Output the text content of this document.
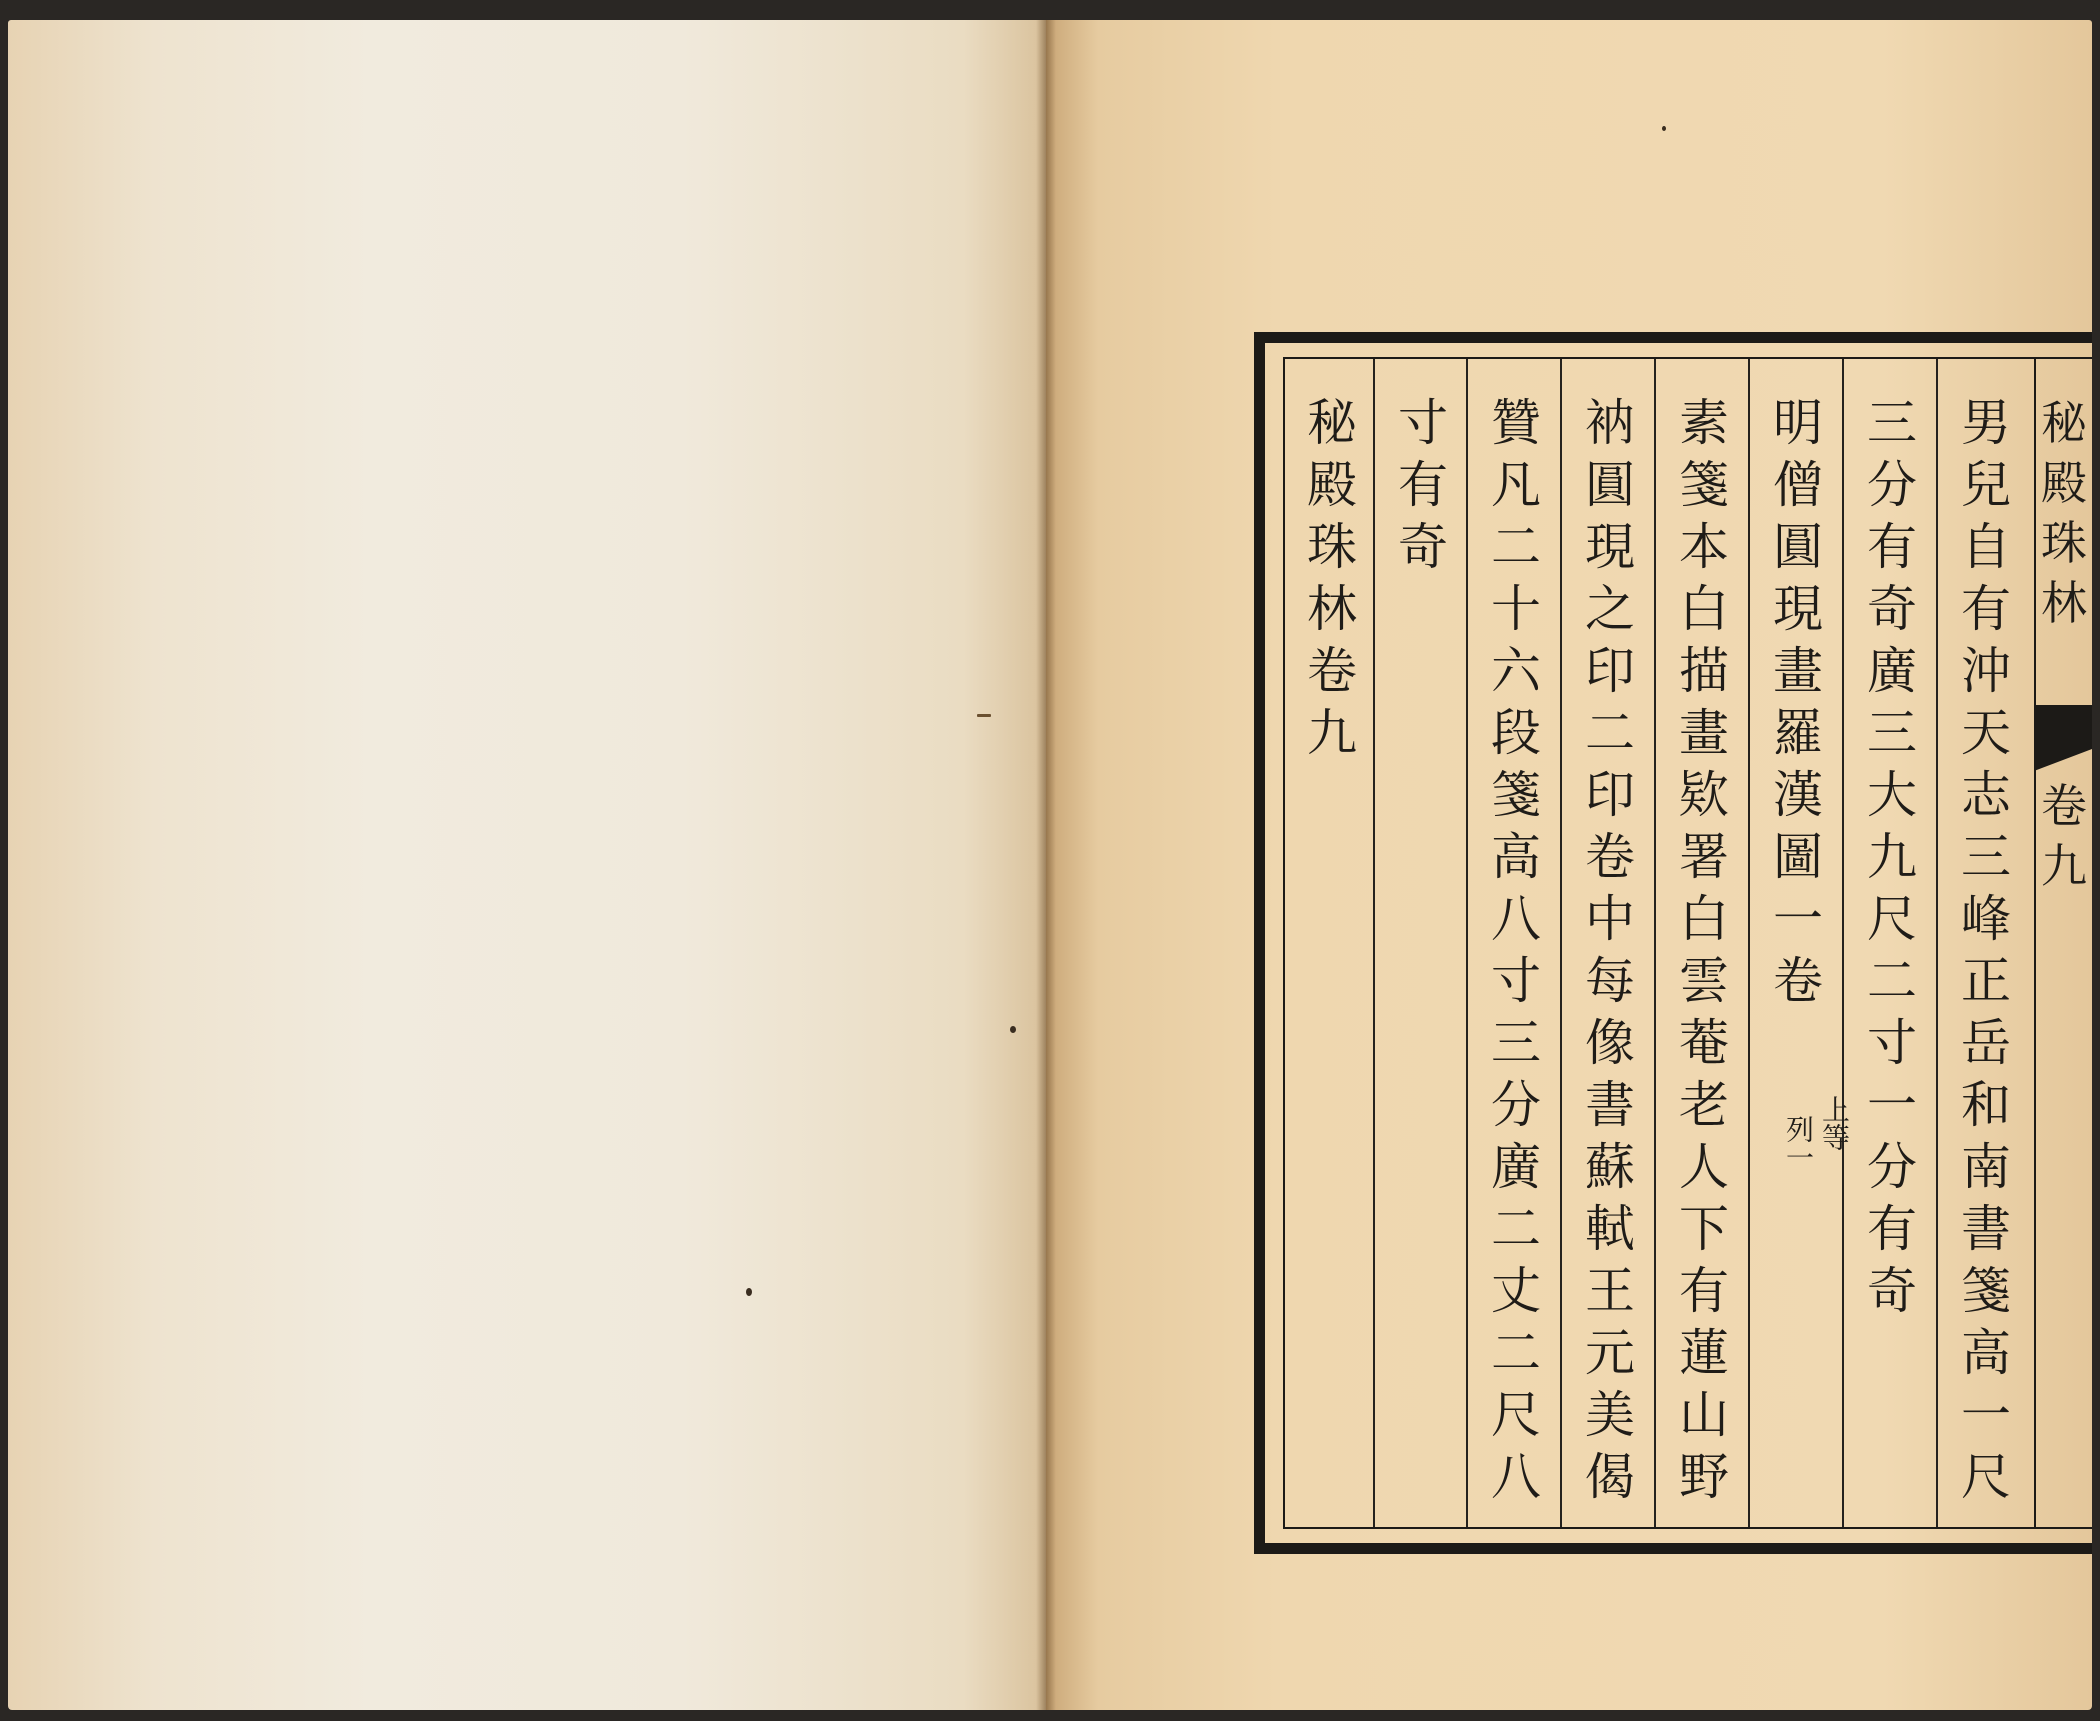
男
兒
自
有
沖
天
志
三
峰
正
岳
和
南
書
箋
高
一
尺
三
分
有
奇
廣
三
大
九
尺
二
寸
一
分
有
奇
明
僧
圓
現
畫
羅
漢
圖
一
卷
素
箋
本
白
描
畫
欵
署
白
雲
菴
老
人
下
有
蓮
山
野
衲
圓
現
之
印
二
印
卷
中
每
像
書
蘇
軾
王
元
美
偈
贊
凡
二
十
六
段
箋
高
八
寸
三
分
廣
二
丈
二
尺
八
寸
有
奇
秘
殿
珠
林
卷
九
上等
列一
秘
殿
珠
林
卷
九
